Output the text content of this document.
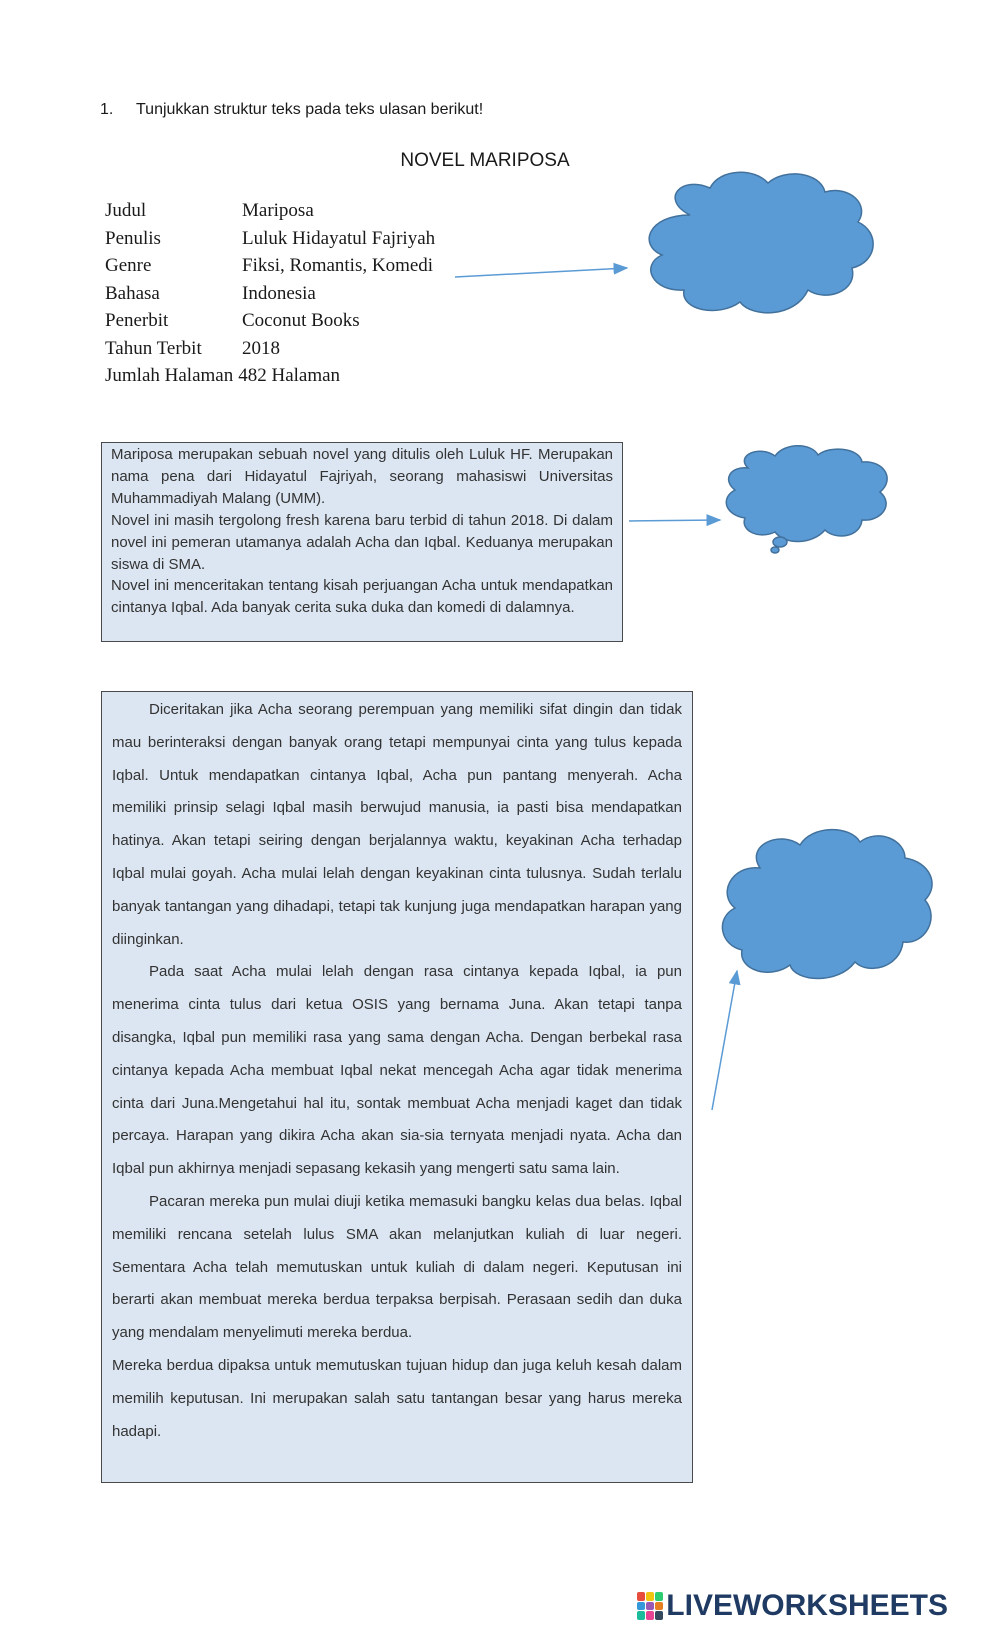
1. Tunjukkan struktur teks pada teks ulasan berikut!
NOVEL MARIPOSA
Judul	Mariposa
Penulis	Luluk Hidayatul Fajriyah
Genre	Fiksi, Romantis, Komedi
Bahasa	Indonesia
Penerbit	Coconut Books
Tahun Terbit 2018
Jumlah Halaman 482 Halaman

Mariposa merupakan sebuah novel yang ditulis oleh Luluk HF. Merupakan nama pena dari Hidayatul Fajriyah, seorang mahasiswi Universitas Muhammadiyah Malang (UMM).

Novel ini masih tergolong fresh karena baru terbid di tahun 2018. Di dalam novel ini pemeran utamanya adalah Acha dan Iqbal. Keduanya merupakan siswa di SMA.

Novel ini menceritakan tentang kisah perjuangan Acha untuk mendapatkan cintanya Iqbal. Ada banyak cerita suka duka dan komedi di dalamnya.

Diceritakan jika Acha seorang perempuan yang memiliki sifat dingin dan tidak mau berinteraksi dengan banyak orang tetapi mempunyai cinta yang tulus kepada Iqbal. Untuk mendapatkan cintanya Iqbal, Acha pun pantang menyerah. Acha memiliki prinsip selagi Iqbal masih berwujud manusia, ia pasti bisa mendapatkan hatinya. Akan tetapi seiring dengan berjalannya waktu, keyakinan Acha terhadap Iqbal mulai goyah. Acha mulai lelah dengan keyakinan cinta tulusnya. Sudah terlalu banyak tantangan yang dihadapi, tetapi tak kunjung juga mendapatkan harapan yang diinginkan.

Pada saat Acha mulai lelah dengan rasa cintanya kepada Iqbal, ia pun menerima cinta tulus dari ketua OSIS yang bernama Juna. Akan tetapi tanpa disangka, Iqbal pun memiliki rasa yang sama dengan Acha. Dengan berbekal rasa cintanya kepada Acha membuat Iqbal nekat mencegah Acha agar tidak menerima cinta dari Juna.Mengetahui hal itu, sontak membuat Acha menjadi kaget dan tidak percaya. Harapan yang dikira Acha akan sia-sia ternyata menjadi nyata. Acha dan Iqbal pun akhirnya menjadi sepasang kekasih yang mengerti satu sama lain.

Pacaran mereka pun mulai diuji ketika memasuki bangku kelas dua belas. Iqbal memiliki rencana setelah lulus SMA akan melanjutkan kuliah di luar negeri. Sementara Acha telah memutuskan untuk kuliah di dalam negeri. Keputusan ini berarti akan membuat mereka berdua terpaksa berpisah. Perasaan sedih dan duka yang mendalam menyelimuti mereka berdua.

Mereka berdua dipaksa untuk memutuskan tujuan hidup dan juga keluh kesah dalam memilih keputusan. Ini merupakan salah satu tantangan besar yang harus mereka hadapi.

LIVEWORKSHEETS
